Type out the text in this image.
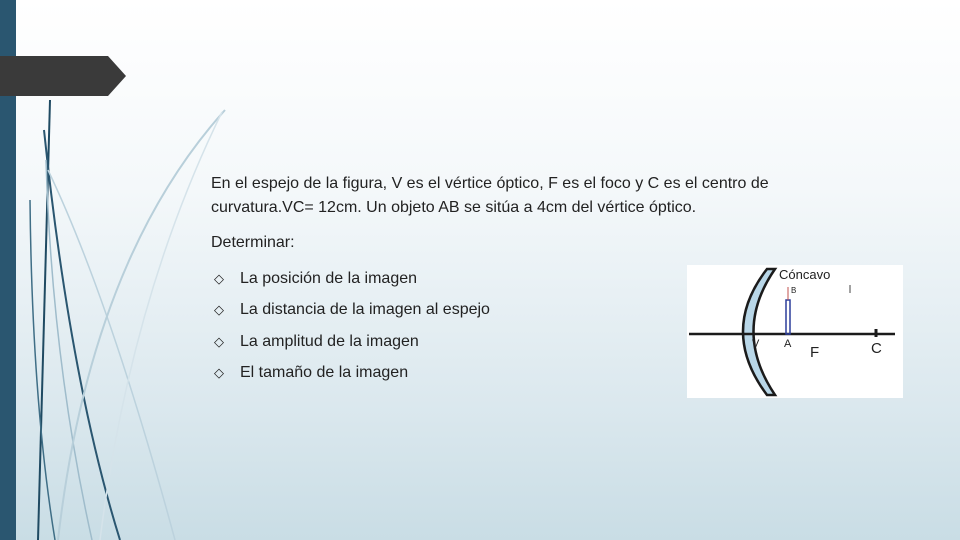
En el espejo de la figura, V es el vértice óptico, F es el foco y C es el centro de curvatura.VC= 12cm. Un objeto AB se sitúa a 4cm del vértice óptico.

Determinar:

◇	La posición de la imagen
◇	La distancia de la imagen al espejo
◇	La amplitud de la imagen
◇	El tamaño de la imagen
Cóncavo
B
V A F	C
